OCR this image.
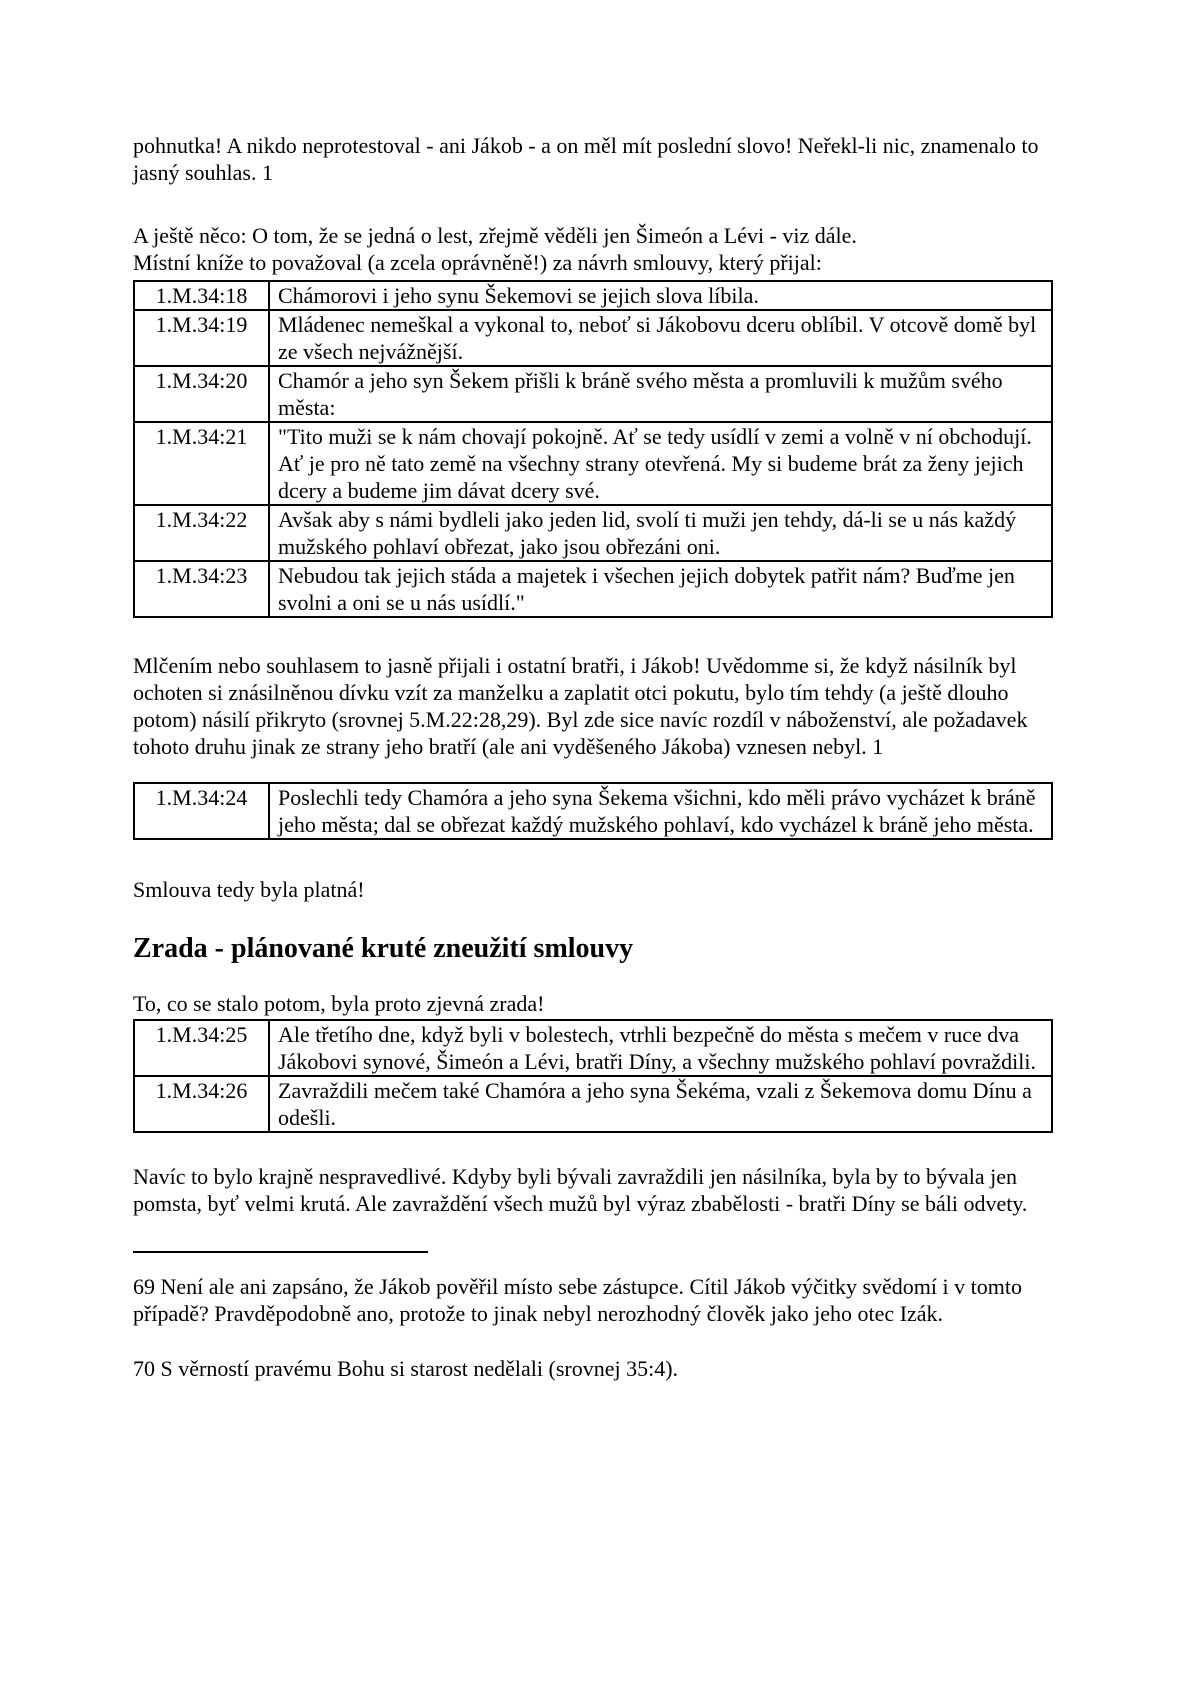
pohnutka! A nikdo neprotestoval - ani Jákob - a on měl mít poslední slovo! Neřekl-li nic, znamenalo to jasný souhlas. 1

A ještě něco: O tom, že se jedná o lest, zřejmě věděli jen Šimeón a Lévi - viz dále.
Místní kníže to považoval (a zcela oprávněně!) za návrh smlouvy, který přijal:

1.M.34:18	Chámorovi i jeho synu Šekemovi se jejich slova líbila.
1.M.34:19	Mládenec nemeškal a vykonal to, neboť si Jákobovu dceru oblíbil. V otcově domě byl ze všech nejvážnější.
1.M.34:20	Chamór a jeho syn Šekem přišli k bráně svého města a promluvili k mužům svého města:
1.M.34:21	"Tito muži se k nám chovají pokojně. Ať se tedy usídlí v zemi a volně v ní obchodují. Ať je pro ně tato země na všechny strany otevřená. My si budeme brát za ženy jejich dcery a budeme jim dávat dcery své.
1.M.34:22	Avšak aby s námi bydleli jako jeden lid, svolí ti muži jen tehdy, dá-li se u nás každý mužského pohlaví obřezat, jako jsou obřezáni oni.
1.M.34:23	Nebudou tak jejich stáda a majetek i všechen jejich dobytek patřit nám? Buďme jen svolni a oni se u nás usídlí."

Mlčením nebo souhlasem to jasně přijali i ostatní bratři, i Jákob! Uvědomme si, že když násilník byl ochoten si znásilněnou dívku vzít za manželku a zaplatit otci pokutu, bylo tím tehdy (a ještě dlouho potom) násilí přikryto (srovnej 5.M.22:28,29). Byl zde sice navíc rozdíl v náboženství, ale požadavek tohoto druhu jinak ze strany jeho bratří (ale ani vyděšeného Jákoba) vznesen nebyl. 1

1.M.34:24	Poslechli tedy Chamóra a jeho syna Šekema všichni, kdo měli právo vycházet k bráně jeho města; dal se obřezat každý mužského pohlaví, kdo vycházel k bráně jeho města.

Smlouva tedy byla platná!

Zrada - plánované kruté zneužití smlouvy

To, co se stalo potom, byla proto zjevná zrada!

1.M.34:25	Ale třetího dne, když byli v bolestech, vtrhli bezpečně do města s mečem v ruce dva Jákobovi synové, Šimeón a Lévi, bratři Díny, a všechny mužského pohlaví povraždili.
1.M.34:26	Zavraždili mečem také Chamóra a jeho syna Šekéma, vzali z Šekemova domu Dínu a odešli.

Navíc to bylo krajně nespravedlivé. Kdyby byli bývali zavraždili jen násilníka, byla by to bývala jen pomsta, byť velmi krutá. Ale zavraždění všech mužů byl výraz zbabělosti - bratři Díny se báli odvety.

69 Není ale ani zapsáno, že Jákob pověřil místo sebe zástupce. Cítil Jákob výčitky svědomí i v tomto případě? Pravděpodobně ano, protože to jinak nebyl nerozhodný člověk jako jeho otec Izák.

70 S věrností pravému Bohu si starost nedělali (srovnej 35:4).
